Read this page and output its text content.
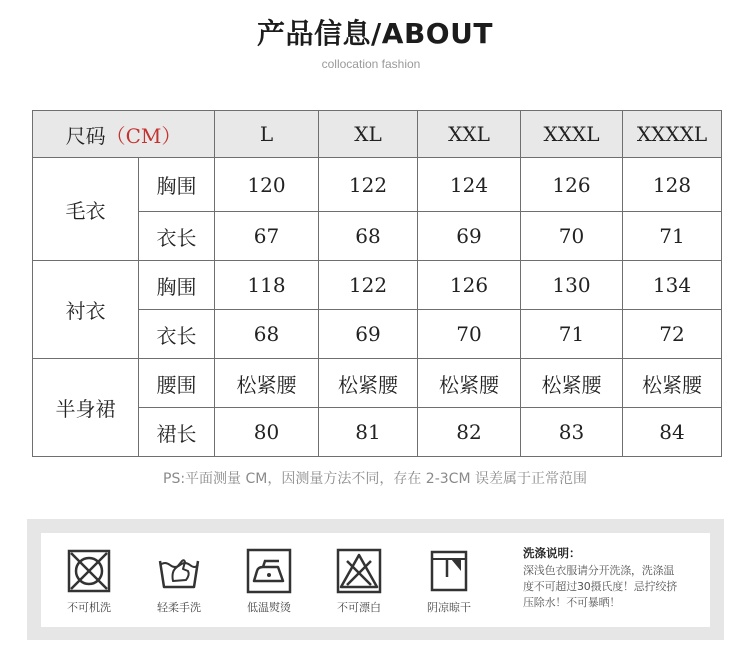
产品信息/ABOUT
collocation fashion
尺码（CM）		L	XL	XXL	XXXL	XXXXL
毛衣	胸围	120	122	124	126	128
	衣长	67	68	69	70	71
衬衣	胸围	118	122	126	130	134
	衣长	68	69	70	71	72
半身裙	腰围	松紧腰	松紧腰	松紧腰	松紧腰	松紧腰
	裙长	80	81	82	83	84
PS:平面测量 CM，因测量方法不同，存在 2-3CM 误差属于正常范围
不可机洗	轻柔手洗	低温熨烫	不可漂白	阴凉晾干
洗涤说明：
深浅色衣服请分开洗涤，洗涤温
度不可超过30摄氏度！忌拧绞挤
压除水！不可暴晒！
